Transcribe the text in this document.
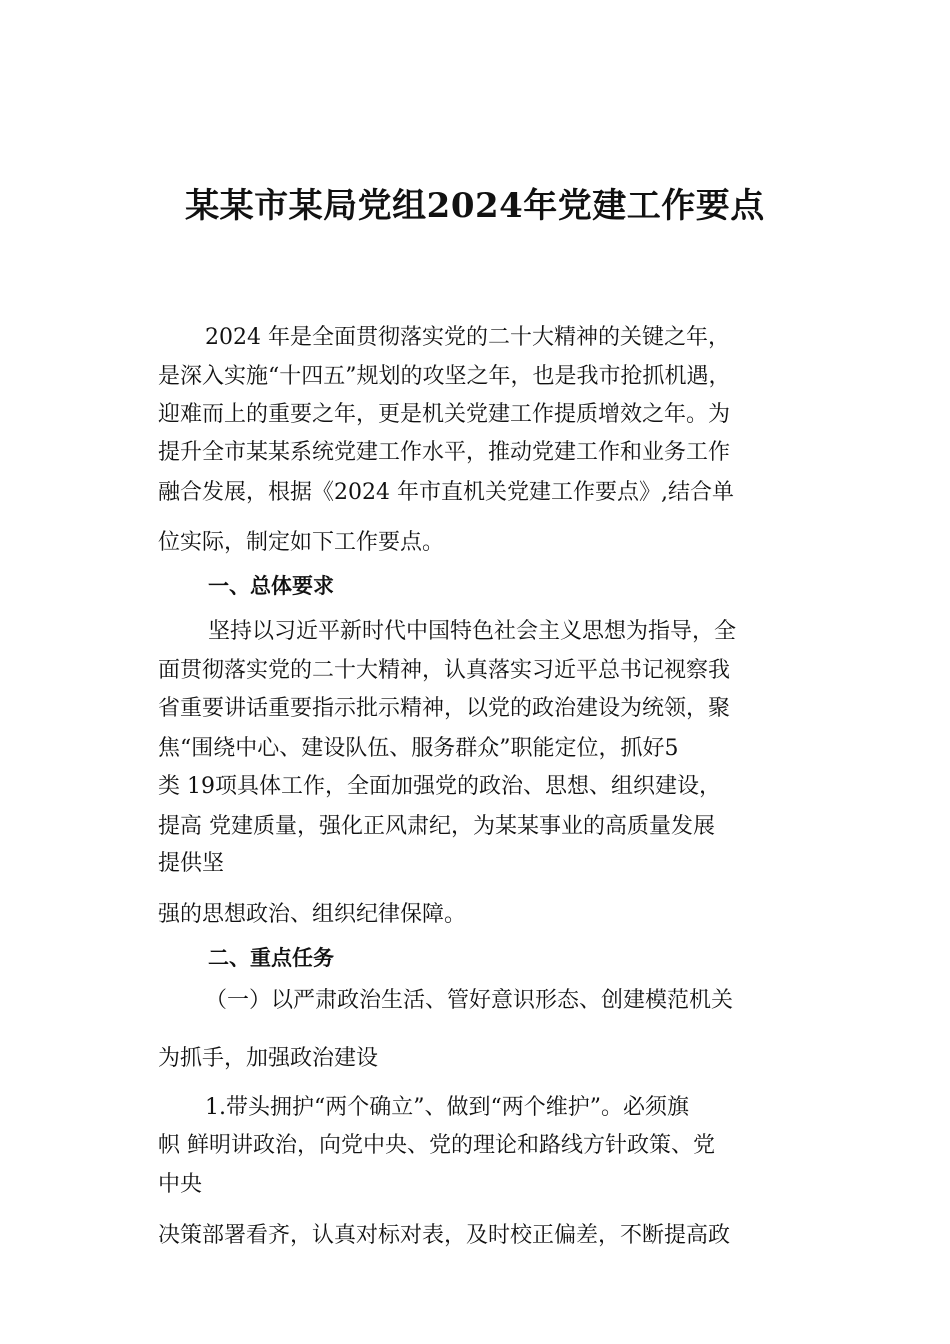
某某市某局党组2024年党建工作要点
2024 年是全面贯彻落实党的二十大精神的关键之年，
是深入实施“十四五”规划的攻坚之年，也是我市抢抓机遇，
迎难而上的重要之年，更是机关党建工作提质增效之年。为
提升全市某某系统党建工作水平，推动党建工作和业务工作
融合发展，根据《2024 年市直机关党建工作要点》,结合单
位实际，制定如下工作要点。
一、总体要求
坚持以习近平新时代中国特色社会主义思想为指导，全
面贯彻落实党的二十大精神，认真落实习近平总书记视察我
省重要讲话重要指示批示精神，以党的政治建设为统领，聚
焦“围绕中心、建设队伍、服务群众”职能定位，抓好5
类 19项具体工作，全面加强党的政治、思想、组织建设，
提高 党建质量，强化正风肃纪，为某某事业的高质量发展
提供坚
强的思想政治、组织纪律保障。
二、重点任务
（一）以严肃政治生活、管好意识形态、创建模范机关
为抓手，加强政治建设
1.带头拥护“两个确立”、做到“两个维护”。必须旗
帜 鲜明讲政治，向党中央、党的理论和路线方针政策、党
中央
决策部署看齐，认真对标对表，及时校正偏差，不断提高政
